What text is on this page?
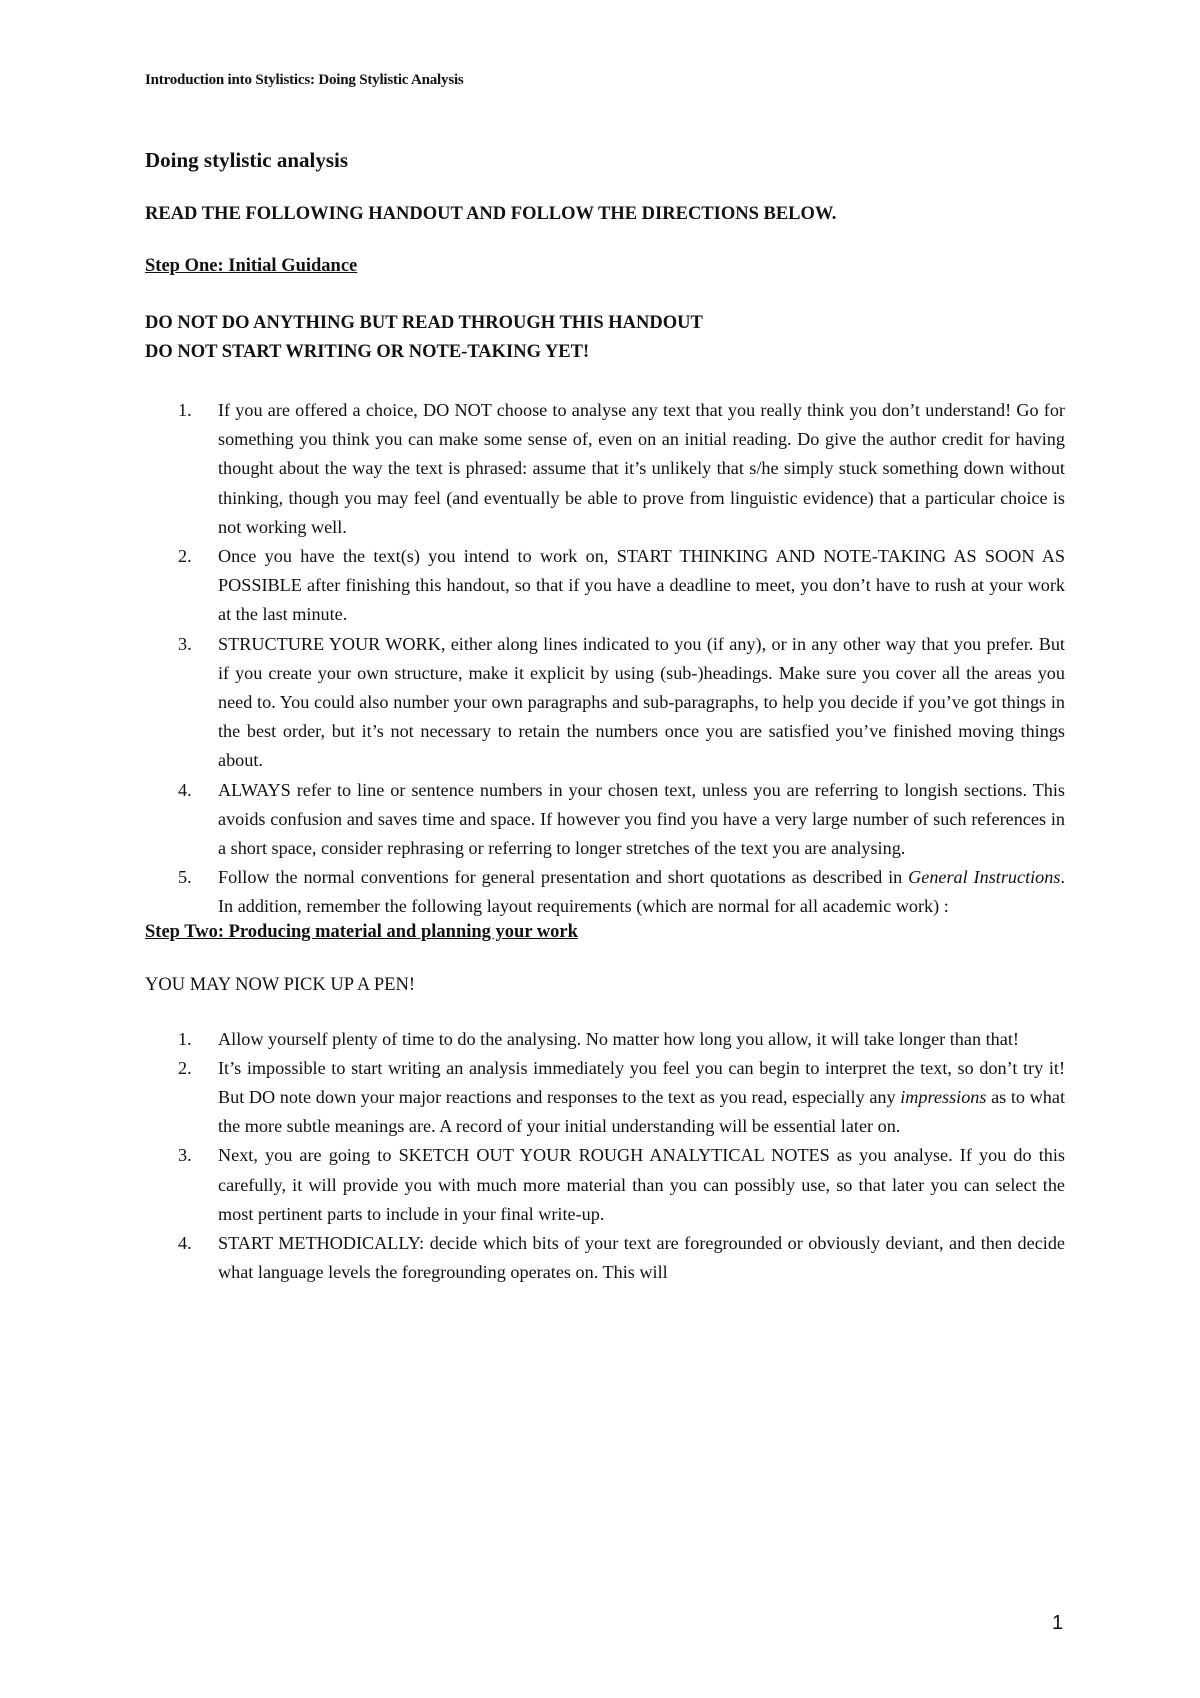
Introduction into Stylistics: Doing Stylistic Analysis
Doing stylistic analysis
READ THE FOLLOWING HANDOUT AND FOLLOW THE DIRECTIONS BELOW.
Step One: Initial Guidance
DO NOT DO ANYTHING BUT READ THROUGH THIS HANDOUT
DO NOT START WRITING OR NOTE-TAKING YET!
1. If you are offered a choice, DO NOT choose to analyse any text that you really think you don’t understand! Go for something you think you can make some sense of, even on an initial reading. Do give the author credit for having thought about the way the text is phrased: assume that it’s unlikely that s/he simply stuck something down without thinking, though you may feel (and eventually be able to prove from linguistic evidence) that a particular choice is not working well.
2. Once you have the text(s) you intend to work on, START THINKING AND NOTE-TAKING AS SOON AS POSSIBLE after finishing this handout, so that if you have a deadline to meet, you don’t have to rush at your work at the last minute.
3. STRUCTURE YOUR WORK, either along lines indicated to you (if any), or in any other way that you prefer. But if you create your own structure, make it explicit by using (sub-)headings. Make sure you cover all the areas you need to. You could also number your own paragraphs and sub-paragraphs, to help you decide if you’ve got things in the best order, but it’s not necessary to retain the numbers once you are satisfied you’ve finished moving things about.
4. ALWAYS refer to line or sentence numbers in your chosen text, unless you are referring to longish sections. This avoids confusion and saves time and space. If however you find you have a very large number of such references in a short space, consider rephrasing or referring to longer stretches of the text you are analysing.
5. Follow the normal conventions for general presentation and short quotations as described in General Instructions. In addition, remember the following layout requirements (which are normal for all academic work) :
Step Two: Producing material and planning your work
YOU MAY NOW PICK UP A PEN!
1. Allow yourself plenty of time to do the analysing. No matter how long you allow, it will take longer than that!
2. It’s impossible to start writing an analysis immediately you feel you can begin to interpret the text, so don’t try it! But DO note down your major reactions and responses to the text as you read, especially any impressions as to what the more subtle meanings are. A record of your initial understanding will be essential later on.
3. Next, you are going to SKETCH OUT YOUR ROUGH ANALYTICAL NOTES as you analyse. If you do this carefully, it will provide you with much more material than you can possibly use, so that later you can select the most pertinent parts to include in your final write-up.
4. START METHODICALLY: decide which bits of your text are foregrounded or obviously deviant, and then decide what language levels the foregrounding operates on. This will
1
